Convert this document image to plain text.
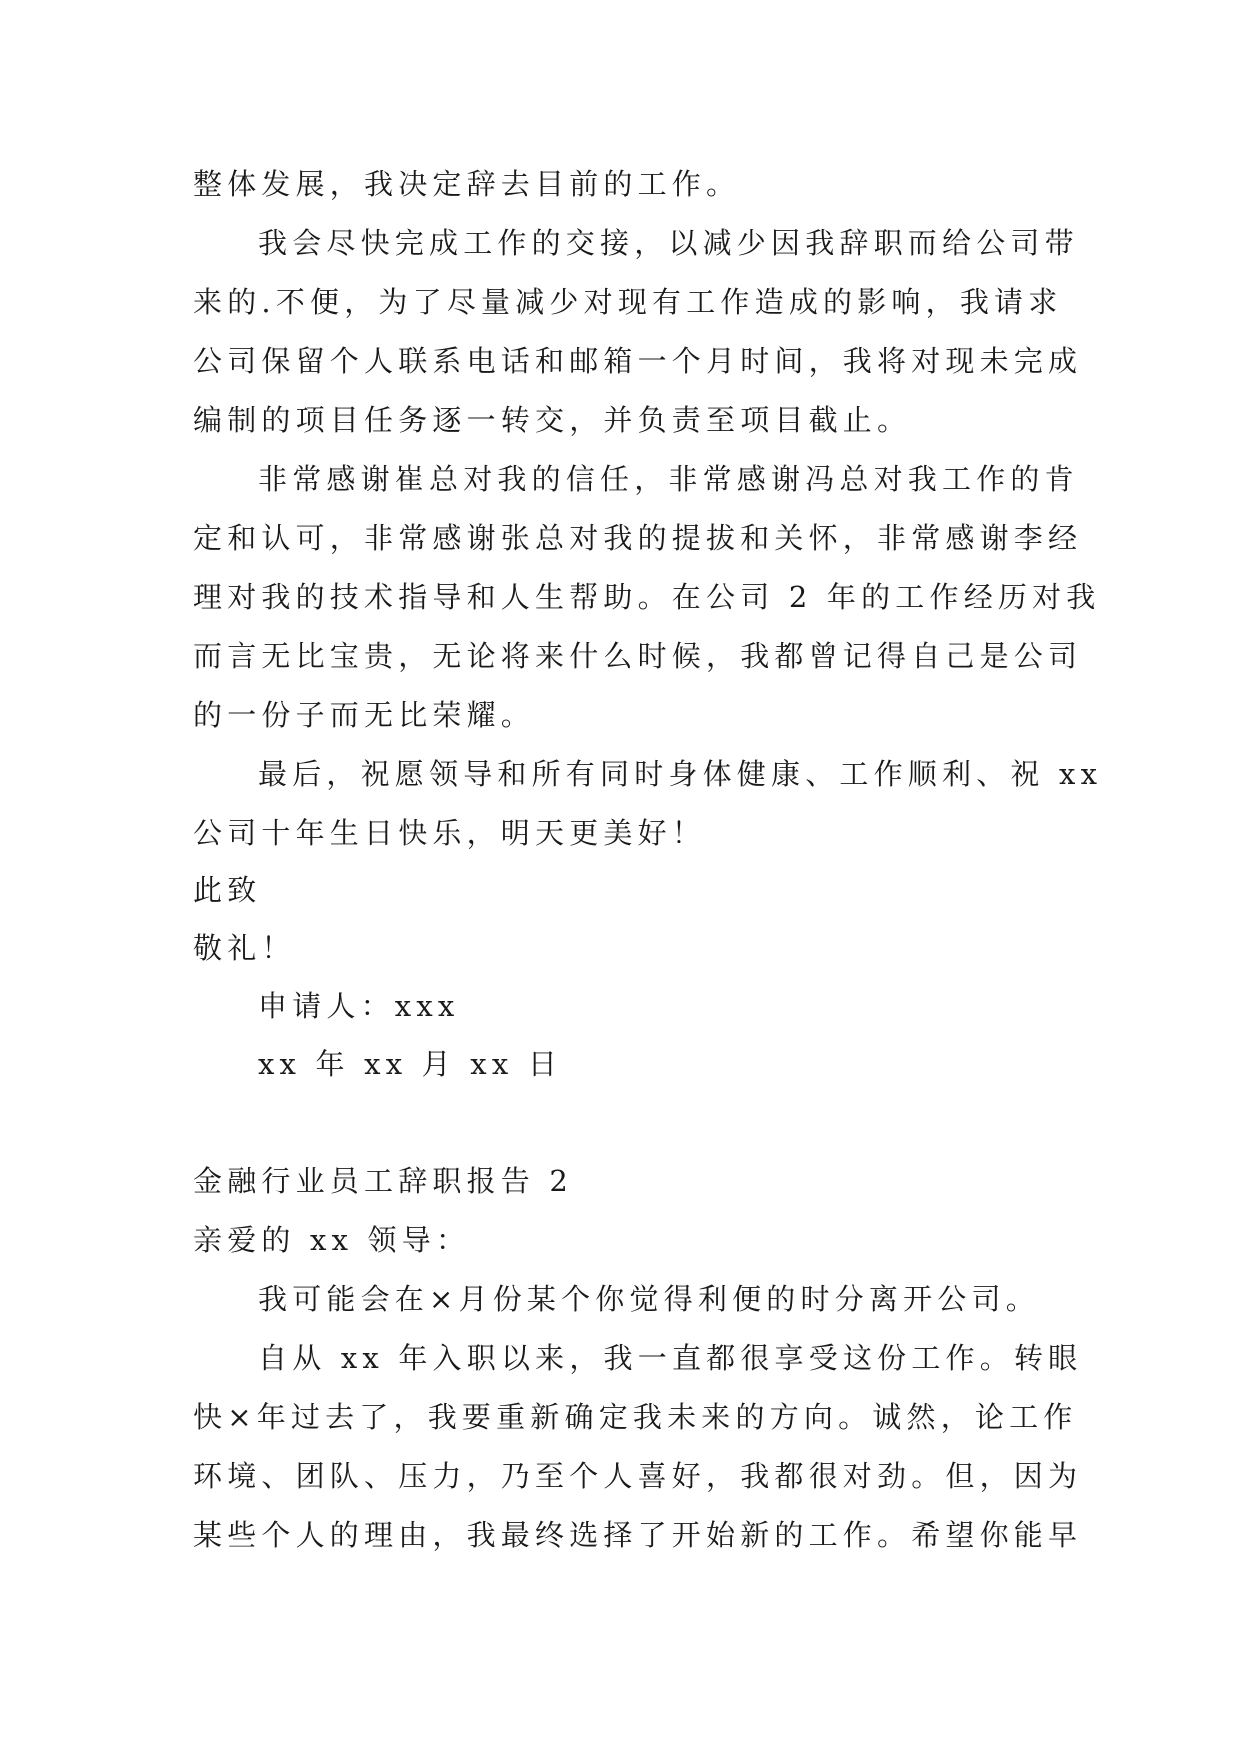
整体发展，我决定辞去目前的工作。
我会尽快完成工作的交接，以减少因我辞职而给公司带
来的.不便，为了尽量减少对现有工作造成的影响，我请求
公司保留个人联系电话和邮箱一个月时间，我将对现未完成
编制的项目任务逐一转交，并负责至项目截止。
非常感谢崔总对我的信任，非常感谢冯总对我工作的肯
定和认可，非常感谢张总对我的提拔和关怀，非常感谢李经
理对我的技术指导和人生帮助。在公司 2 年的工作经历对我
而言无比宝贵，无论将来什么时候，我都曾记得自己是公司
的一份子而无比荣耀。
最后，祝愿领导和所有同时身体健康、工作顺利、祝 xx
公司十年生日快乐，明天更美好！
此致
敬礼！
申请人：xxx
xx 年 xx 月 xx 日
金融行业员工辞职报告 2
亲爱的 xx 领导：
我可能会在×月份某个你觉得利便的时分离开公司。
自从 xx 年入职以来，我一直都很享受这份工作。转眼
快×年过去了，我要重新确定我未来的方向。诚然，论工作
环境、团队、压力，乃至个人喜好，我都很对劲。但，因为
某些个人的理由，我最终选择了开始新的工作。希望你能早
